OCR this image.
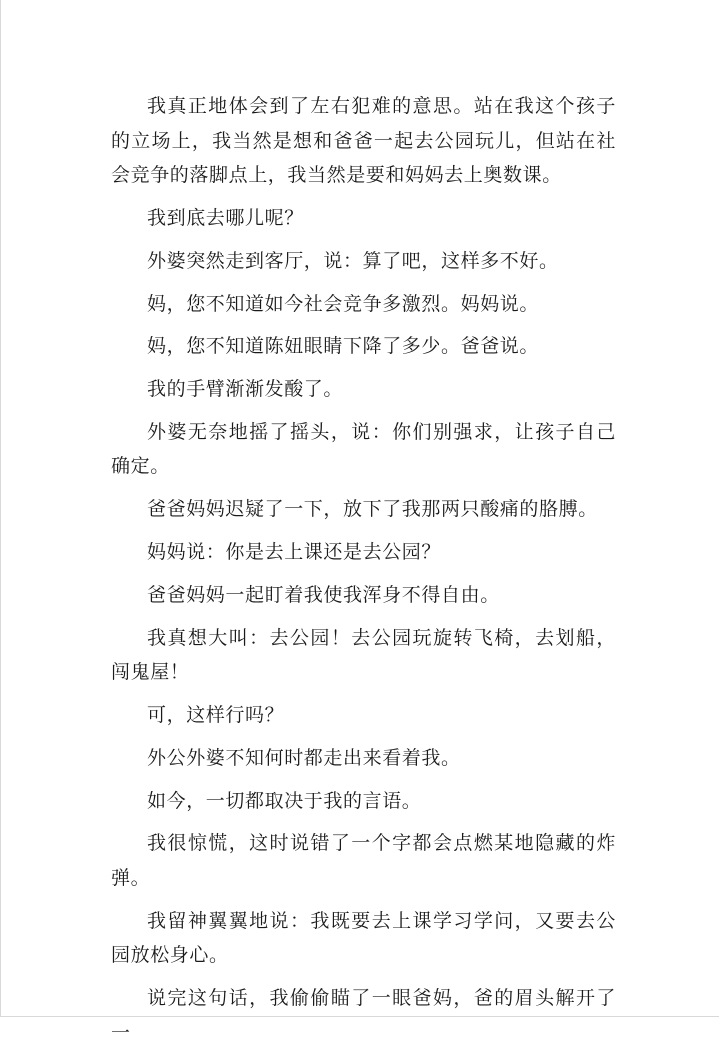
我真正地体会到了左右犯难的意思。站在我这个孩子的立场上，我当然是想和爸爸一起去公园玩儿，但站在社会竞争的落脚点上，我当然是要和妈妈去上奥数课。

我到底去哪儿呢？

外婆突然走到客厅，说：算了吧，这样多不好。

妈，您不知道如今社会竞争多激烈。妈妈说。

妈，您不知道陈妞眼睛下降了多少。爸爸说。

我的手臂渐渐发酸了。

外婆无奈地摇了摇头，说：你们别强求，让孩子自己确定。

爸爸妈妈迟疑了一下，放下了我那两只酸痛的胳膊。

妈妈说：你是去上课还是去公园？

爸爸妈妈一起盯着我使我浑身不得自由。

我真想大叫：去公园！去公园玩旋转飞椅，去划船，闯鬼屋！

可，这样行吗？

外公外婆不知何时都走出来看着我。

如今，一切都取决于我的言语。

我很惊慌，这时说错了一个字都会点燃某地隐藏的炸弹。

我留神翼翼地说：我既要去上课学习学问，又要去公园放松身心。

说完这句话，我偷偷瞄了一眼爸妈，爸的眉头解开了一
